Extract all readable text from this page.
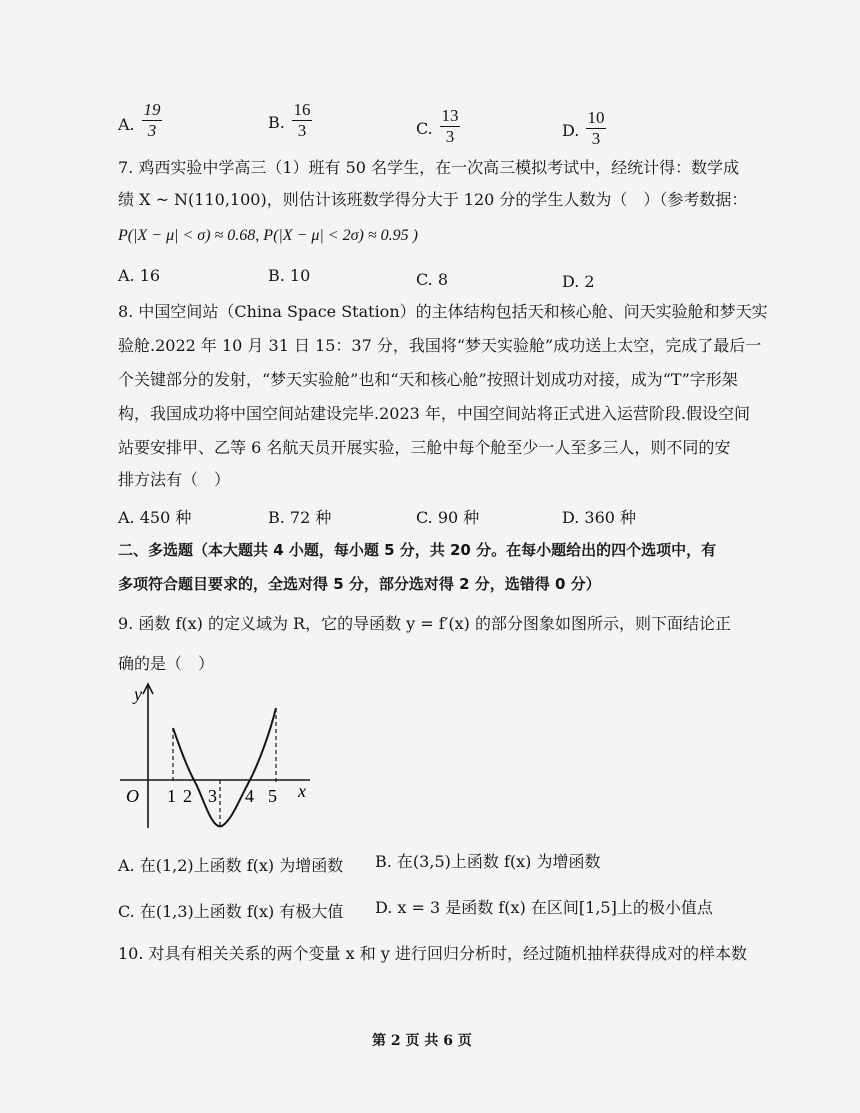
A.
19
3	B.
16
3	C.
13
3	D.
10
3
7. 鸡西实验中学高三（1）班有 50 名学生，在一次高三模拟考试中，经统计得：数学成
绩 X ~ N(110,100)，则估计该班数学得分大于 120 分的学生人数为（　）（参考数据：
P(|X − μ| < σ) ≈ 0.68, P(|X − μ| < 2σ) ≈ 0.95 )
A. 16	B. 10	C. 8	D. 2
8. 中国空间站（China Space Station）的主体结构包括天和核心舱、问天实验舱和梦天实
验舱.2022 年 10 月 31 日 15：37 分，我国将“梦天实验舱”成功送上太空，完成了最后一
个关键部分的发射，“梦天实验舱”也和“天和核心舱”按照计划成功对接，成为“T”字形架
构，我国成功将中国空间站建设完毕.2023 年，中国空间站将正式进入运营阶段.假设空间
站要安排甲、乙等 6 名航天员开展实验，三舱中每个舱至少一人至多三人，则不同的安
排方法有（　）
A. 450 种	B. 72 种	C. 90 种	D. 360 种
二、多选题（本大题共 4 小题，每小题 5 分，共 20 分。在每小题给出的四个选项中，有
多项符合题目要求的，全选对得 5 分，部分选对得 2 分，选错得 0 分）
9. 函数 f(x) 的定义域为 R，它的导函数 y = f′(x) 的部分图象如图所示，则下面结论正
确的是（　）
y
O	x
1 2 3 4 5
A. 在(1,2)上函数 f(x) 为增函数 B. 在(3,5)上函数 f(x) 为增函数
C. 在(1,3)上函数 f(x) 有极大值 D. x = 3 是函数 f(x) 在区间[1,5]上的极小值点
10. 对具有相关关系的两个变量 x 和 y 进行回归分析时，经过随机抽样获得成对的样本数
第 2 页 共 6 页
